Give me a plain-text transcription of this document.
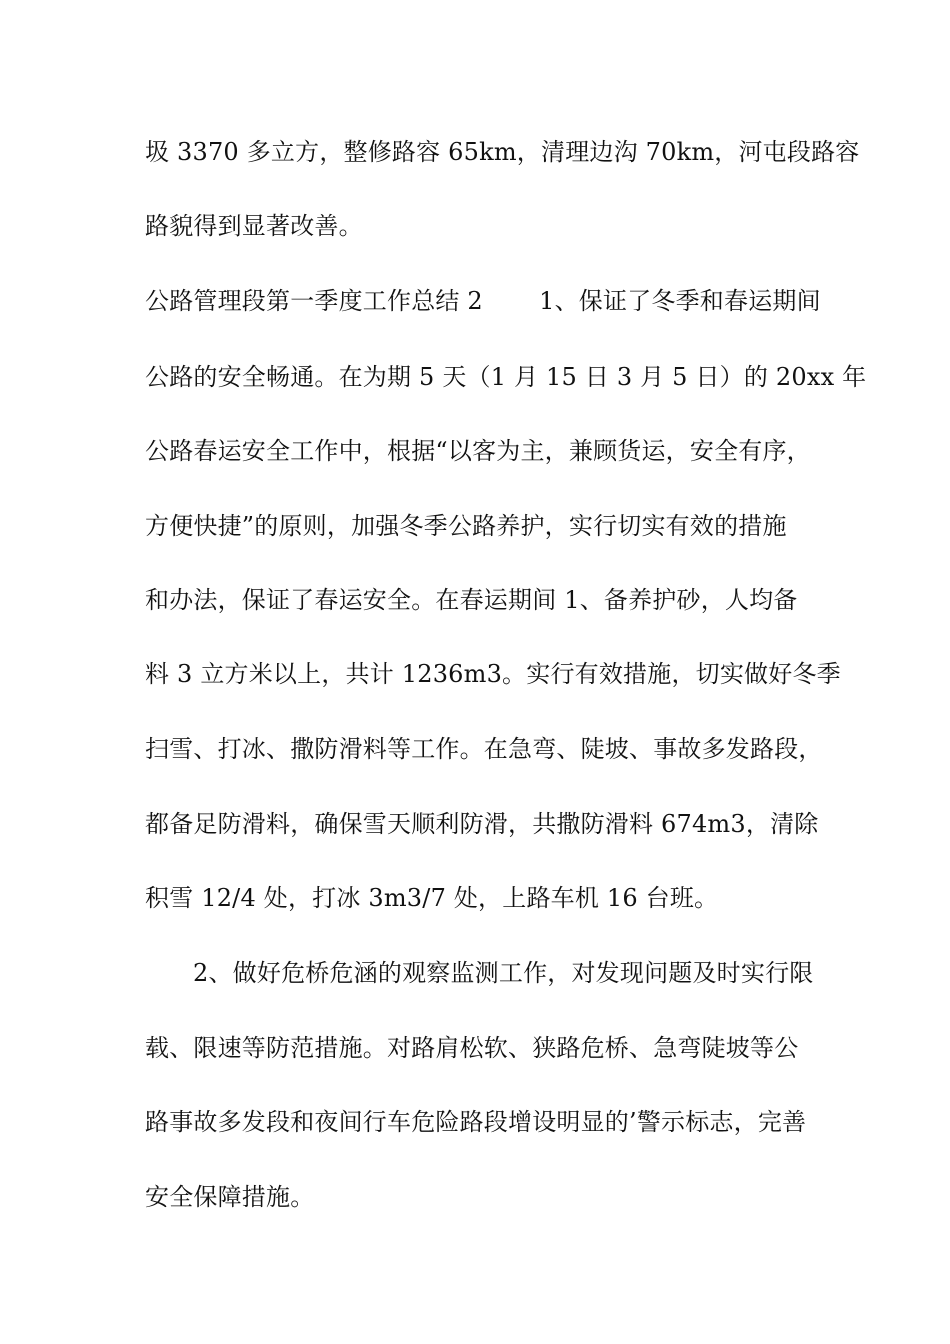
圾 3370 多立方，整修路容 65km，清理边沟 70km，河屯段路容
路貌得到显著改善。
公路管理段第一季度工作总结 2　　 1、保证了冬季和春运期间
公路的安全畅通。在为期 5 天（1 月 15 日 3 月 5 日）的 20xx 年
公路春运安全工作中，根据“以客为主，兼顾货运，安全有序，
方便快捷”的原则，加强冬季公路养护，实行切实有效的措施
和办法，保证了春运安全。在春运期间 1、备养护砂，人均备
料 3 立方米以上，共计 1236m3。实行有效措施，切实做好冬季
扫雪、打冰、撒防滑料等工作。在急弯、陡坡、事故多发路段，
都备足防滑料，确保雪天顺利防滑，共撒防滑料 674m3，清除
积雪 12/4 处，打冰 3m3/7 处，上路车机 16 台班。
2、做好危桥危涵的观察监测工作，对发现问题及时实行限
载、限速等防范措施。对路肩松软、狭路危桥、急弯陡坡等公
路事故多发段和夜间行车危险路段增设明显的’警示标志，完善
安全保障措施。
